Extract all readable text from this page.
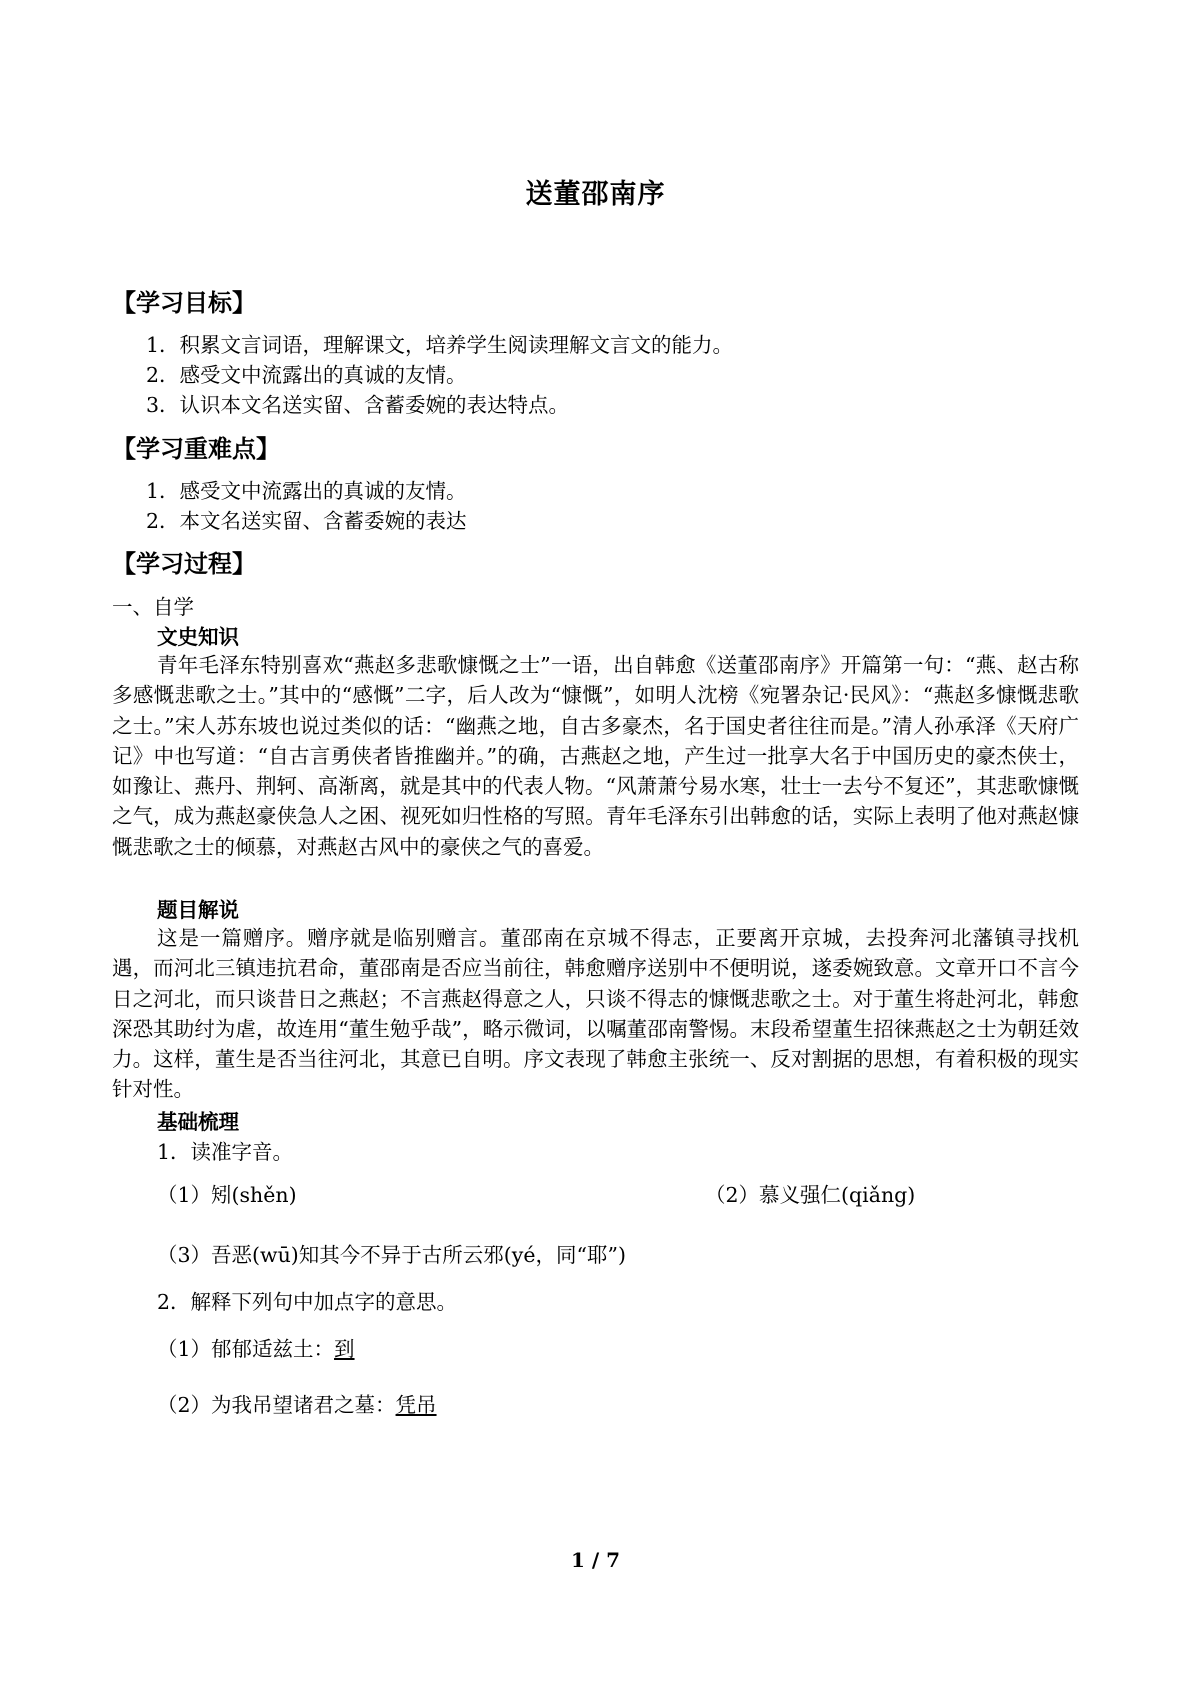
送董邵南序
【学习目标】
1．积累文言词语，理解课文，培养学生阅读理解文言文的能力。
2．感受文中流露出的真诚的友情。
3．认识本文名送实留、含蓄委婉的表达特点。
【学习重难点】
1．感受文中流露出的真诚的友情。
2．本文名送实留、含蓄委婉的表达
【学习过程】
一、自学
文史知识
青年毛泽东特别喜欢“燕赵多悲歌慷慨之士”一语，出自韩愈《送董邵南序》开篇第一句：“燕、赵古称多感慨悲歌之士。”其中的“感慨”二字，后人改为“慷慨”，如明人沈榜《宛署杂记·民风》：“燕赵多慷慨悲歌之士。”宋人苏东坡也说过类似的话：“幽燕之地，自古多豪杰，名于国史者往往而是。”清人孙承泽《天府广记》中也写道：“自古言勇侠者皆推幽并。”的确，古燕赵之地，产生过一批享大名于中国历史的豪杰侠士，如豫让、燕丹、荆轲、高渐离，就是其中的代表人物。“风萧萧兮易水寒，壮士一去兮不复还”，其悲歌慷慨之气，成为燕赵豪侠急人之困、视死如归性格的写照。青年毛泽东引出韩愈的话，实际上表明了他对燕赵慷慨悲歌之士的倾慕，对燕赵古风中的豪侠之气的喜爱。
题目解说
这是一篇赠序。赠序就是临别赠言。董邵南在京城不得志，正要离开京城，去投奔河北藩镇寻找机遇，而河北三镇违抗君命，董邵南是否应当前往，韩愈赠序送别中不便明说，遂委婉致意。文章开口不言今日之河北，而只谈昔日之燕赵；不言燕赵得意之人，只谈不得志的慷慨悲歌之士。对于董生将赴河北，韩愈深恐其助纣为虐，故连用“董生勉乎哉”，略示微词，以嘱董邵南警惕。末段希望董生招徕燕赵之士为朝廷效力。这样，董生是否当往河北，其意已自明。序文表现了韩愈主张统一、反对割据的思想，有着积极的现实针对性。
基础梳理
1．读准字音。
（1）矧(shěn)	（2）慕义强仁(qiǎng)
（3）吾恶(wū)知其今不异于古所云邪(yé，同“耶”)
2．解释下列句中加点字的意思。
（1）郁郁适兹土：到
（2）为我吊望诸君之墓：凭吊
1 / 7
